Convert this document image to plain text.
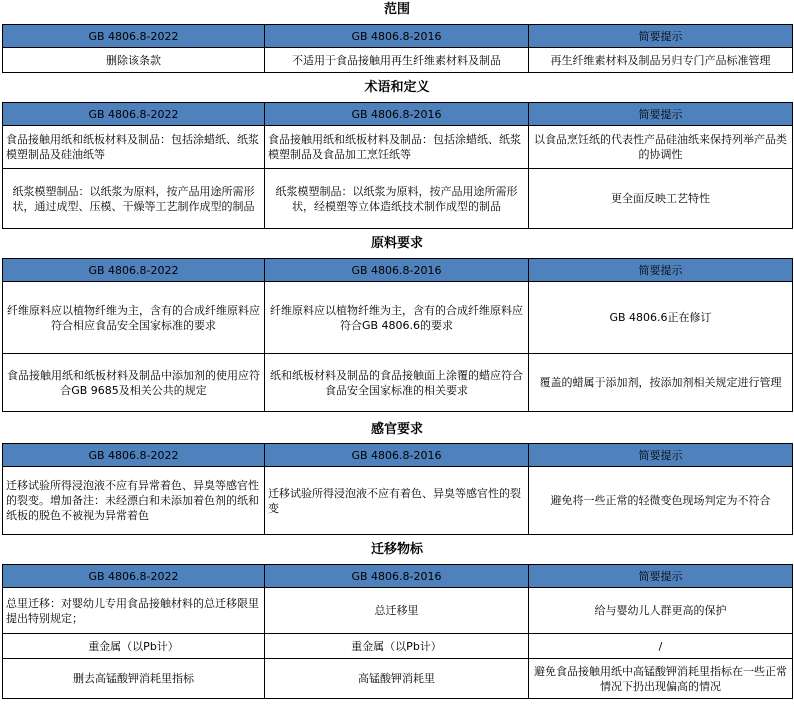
范围
GB 4806.8-2022	GB 4806.8-2016	简要提示
删除该条款	不适用于食品接触用再生纤维素材料及制品	再生纤维素材料及制品另归专门产品标准管理
术语和定义
GB 4806.8-2022	GB 4806.8-2016	简要提示
食品接触用纸和纸板材料及制品：包括涂蜡纸、纸浆模塑制品及硅油纸等	食品接触用纸和纸板材料及制品：包括涂蜡纸、纸浆模塑制品及食品加工烹饪纸等	以食品烹饪纸的代表性产品硅油纸来保持列举产品类的协调性
纸浆模塑制品：以纸浆为原料，按产品用途所需形状，通过成型、压模、干燥等工艺制作成型的制品	纸浆模塑制品：以纸浆为原料，按产品用途所需形状，经模塑等立体造纸技术制作成型的制品	更全面反映工艺特性
原料要求
GB 4806.8-2022	GB 4806.8-2016	简要提示
纤维原料应以植物纤维为主，含有的合成纤维原料应符合相应食品安全国家标准的要求	纤维原料应以植物纤维为主，含有的合成纤维原料应符合GB 4806.6的要求	GB 4806.6正在修订
食品接触用纸和纸板材料及制品中添加剂的使用应符合GB 9685及相关公共的规定	纸和纸板材料及制品的食品接触面上涂覆的蜡应符合食品安全国家标准的相关要求	覆盖的蜡属于添加剂，按添加剂相关规定进行管理
感官要求
GB 4806.8-2022	GB 4806.8-2016	简要提示
迁移试验所得浸泡液不应有异常着色、异臭等感官性的裂变。增加备注：未经漂白和未添加着色剂的纸和纸板的脱色不被视为异常着色	迁移试验所得浸泡液不应有着色、异臭等感官性的裂变	避免将一些正常的轻微变色现场判定为不符合
迁移物标
GB 4806.8-2022	GB 4806.8-2016	简要提示
总里迁移：对婴幼儿专用食品接触材料的总迁移限里提出特别规定；	总迁移里	给与婴幼儿人群更高的保护
重金属（以Pb计）	重金属（以Pb计）	/
删去高锰酸钾消耗里指标	高锰酸钾消耗里	避免食品接触用纸中高锰酸钾消耗里指标在一些正常情况下扔出现偏高的情况
